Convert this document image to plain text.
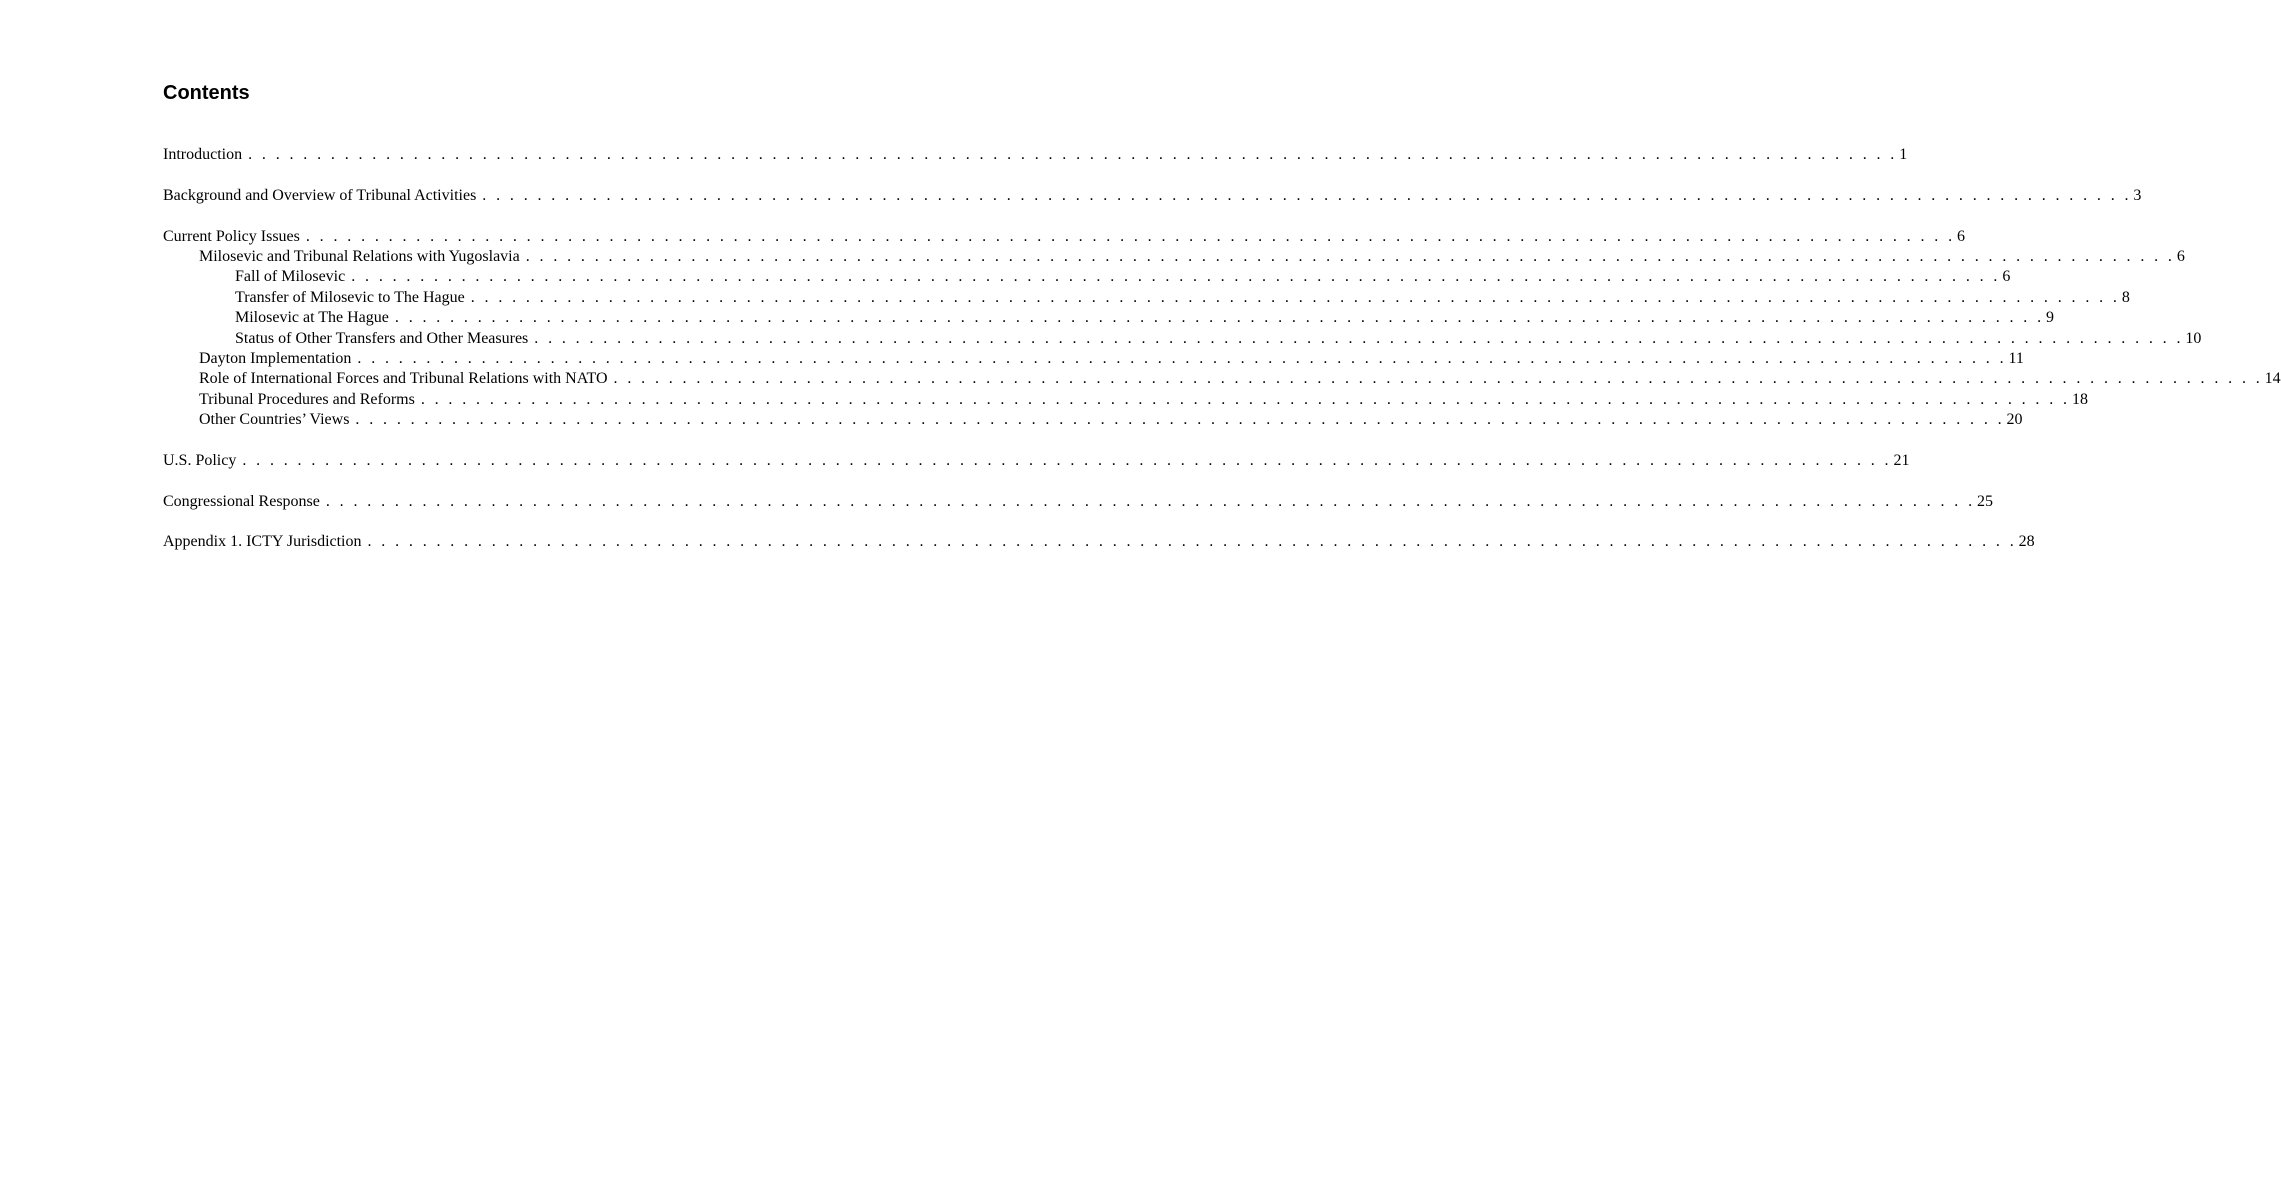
Contents
Introduction . . . . . . . . . . . . . . . . . . . . . . . . . . . . . . . . . . . . . . . . . . . . . . . . . . . . . . . . . . . . . . . . . . . . . . . . . . . . . . . . . . . . . . . . . . . . . . . . . . . . . . . . . . . . . . . . . . . . . . . . 1
Background and Overview of Tribunal Activities . . . . . . . . . . . . . . . . . . . . . . . . . . . . . . . . . . . . . . . . . . . . . . . . . . . . . . . . . . . . . . . . . . . . . . . . . . . . . . . . . . . . . . . . . . . . . . . . . . . . . . . . . . . . . . . . . . . . . . . . 3
Current Policy Issues . . . . . . . . . . . . . . . . . . . . . . . . . . . . . . . . . . . . . . . . . . . . . . . . . . . . . . . . . . . . . . . . . . . . . . . . . . . . . . . . . . . . . . . . . . . . . . . . . . . . . . . . . . . . . . . . . . . . . . . . 6
Milosevic and Tribunal Relations with Yugoslavia . . . . . . . . . . . . . . . . . . . . . . . . . . . . . . . . . . . . . . . . . . . . . . . . . . . . . . . . . . . . . . . . . . . . . . . . . . . . . . . . . . . . . . . . . . . . . . . . . . . . . . . . . . . . . . . . . . . . . . . . 6
Fall of Milosevic . . . . . . . . . . . . . . . . . . . . . . . . . . . . . . . . . . . . . . . . . . . . . . . . . . . . . . . . . . . . . . . . . . . . . . . . . . . . . . . . . . . . . . . . . . . . . . . . . . . . . . . . . . . . . . . . . . . . . . . . 6
Transfer of Milosevic to The Hague . . . . . . . . . . . . . . . . . . . . . . . . . . . . . . . . . . . . . . . . . . . . . . . . . . . . . . . . . . . . . . . . . . . . . . . . . . . . . . . . . . . . . . . . . . . . . . . . . . . . . . . . . . . . . . . . . . . . . . . . 8
Milosevic at The Hague . . . . . . . . . . . . . . . . . . . . . . . . . . . . . . . . . . . . . . . . . . . . . . . . . . . . . . . . . . . . . . . . . . . . . . . . . . . . . . . . . . . . . . . . . . . . . . . . . . . . . . . . . . . . . . . . . . . . . . . . 9
Status of Other Transfers and Other Measures . . . . . . . . . . . . . . . . . . . . . . . . . . . . . . . . . . . . . . . . . . . . . . . . . . . . . . . . . . . . . . . . . . . . . . . . . . . . . . . . . . . . . . . . . . . . . . . . . . . . . . . . . . . . . . . . . . . . . . . . 10
Dayton Implementation . . . . . . . . . . . . . . . . . . . . . . . . . . . . . . . . . . . . . . . . . . . . . . . . . . . . . . . . . . . . . . . . . . . . . . . . . . . . . . . . . . . . . . . . . . . . . . . . . . . . . . . . . . . . . . . . . . . . . . . . 11
Role of International Forces and Tribunal Relations with NATO . . . . . . . . . . . . . . . . . . . . . . . . . . . . . . . . . . . . . . . . . . . . . . . . . . . . . . . . . . . . . . . . . . . . . . . . . . . . . . . . . . . . . . . . . . . . . . . . . . . . . . . . . . . . . . . . . . . . . . . . 14
Tribunal Procedures and Reforms . . . . . . . . . . . . . . . . . . . . . . . . . . . . . . . . . . . . . . . . . . . . . . . . . . . . . . . . . . . . . . . . . . . . . . . . . . . . . . . . . . . . . . . . . . . . . . . . . . . . . . . . . . . . . . . . . . . . . . . . 18
Other Countries’ Views . . . . . . . . . . . . . . . . . . . . . . . . . . . . . . . . . . . . . . . . . . . . . . . . . . . . . . . . . . . . . . . . . . . . . . . . . . . . . . . . . . . . . . . . . . . . . . . . . . . . . . . . . . . . . . . . . . . . . . . . 20
U.S. Policy . . . . . . . . . . . . . . . . . . . . . . . . . . . . . . . . . . . . . . . . . . . . . . . . . . . . . . . . . . . . . . . . . . . . . . . . . . . . . . . . . . . . . . . . . . . . . . . . . . . . . . . . . . . . . . . . . . . . . . . . 21
Congressional Response . . . . . . . . . . . . . . . . . . . . . . . . . . . . . . . . . . . . . . . . . . . . . . . . . . . . . . . . . . . . . . . . . . . . . . . . . . . . . . . . . . . . . . . . . . . . . . . . . . . . . . . . . . . . . . . . . . . . . . . . 25
Appendix 1. ICTY Jurisdiction . . . . . . . . . . . . . . . . . . . . . . . . . . . . . . . . . . . . . . . . . . . . . . . . . . . . . . . . . . . . . . . . . . . . . . . . . . . . . . . . . . . . . . . . . . . . . . . . . . . . . . . . . . . . . . . . . . . . . . . . 28
